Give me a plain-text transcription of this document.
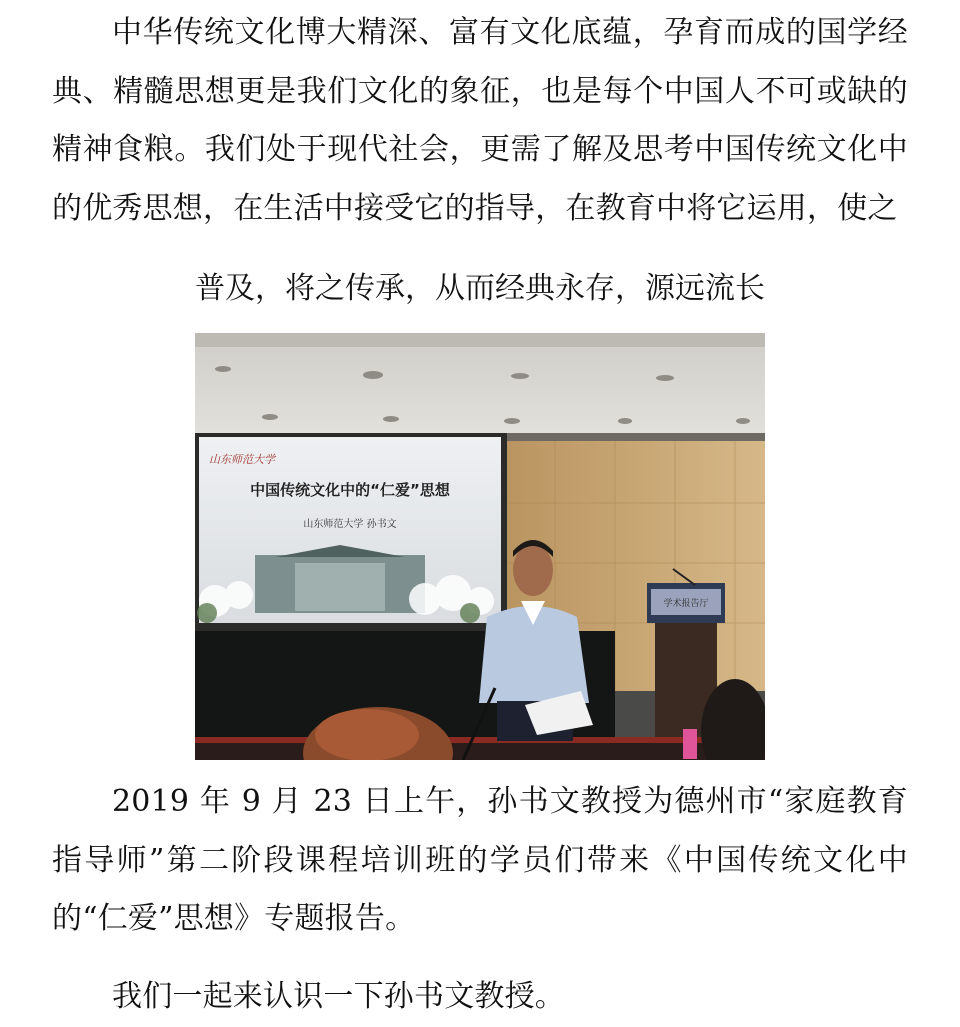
中华传统文化博大精深、富有文化底蕴，孕育而成的国学经典、精髓思想更是我们文化的象征，也是每个中国人不可或缺的精神食粮。我们处于现代社会，更需了解及思考中国传统文化中的优秀思想，在生活中接受它的指导，在教育中将它运用，使之

普及，将之传承，从而经典永存，源远流长

山东师范大学
中国传统文化中的“仁爱”思想
山东师范大学 孙书文
学术报告厅

2019 年 9 月 23 日上午，孙书文教授为德州市“家庭教育指导师”第二阶段课程培训班的学员们带来《中国传统文化中的“仁爱”思想》专题报告。

我们一起来认识一下孙书文教授。
